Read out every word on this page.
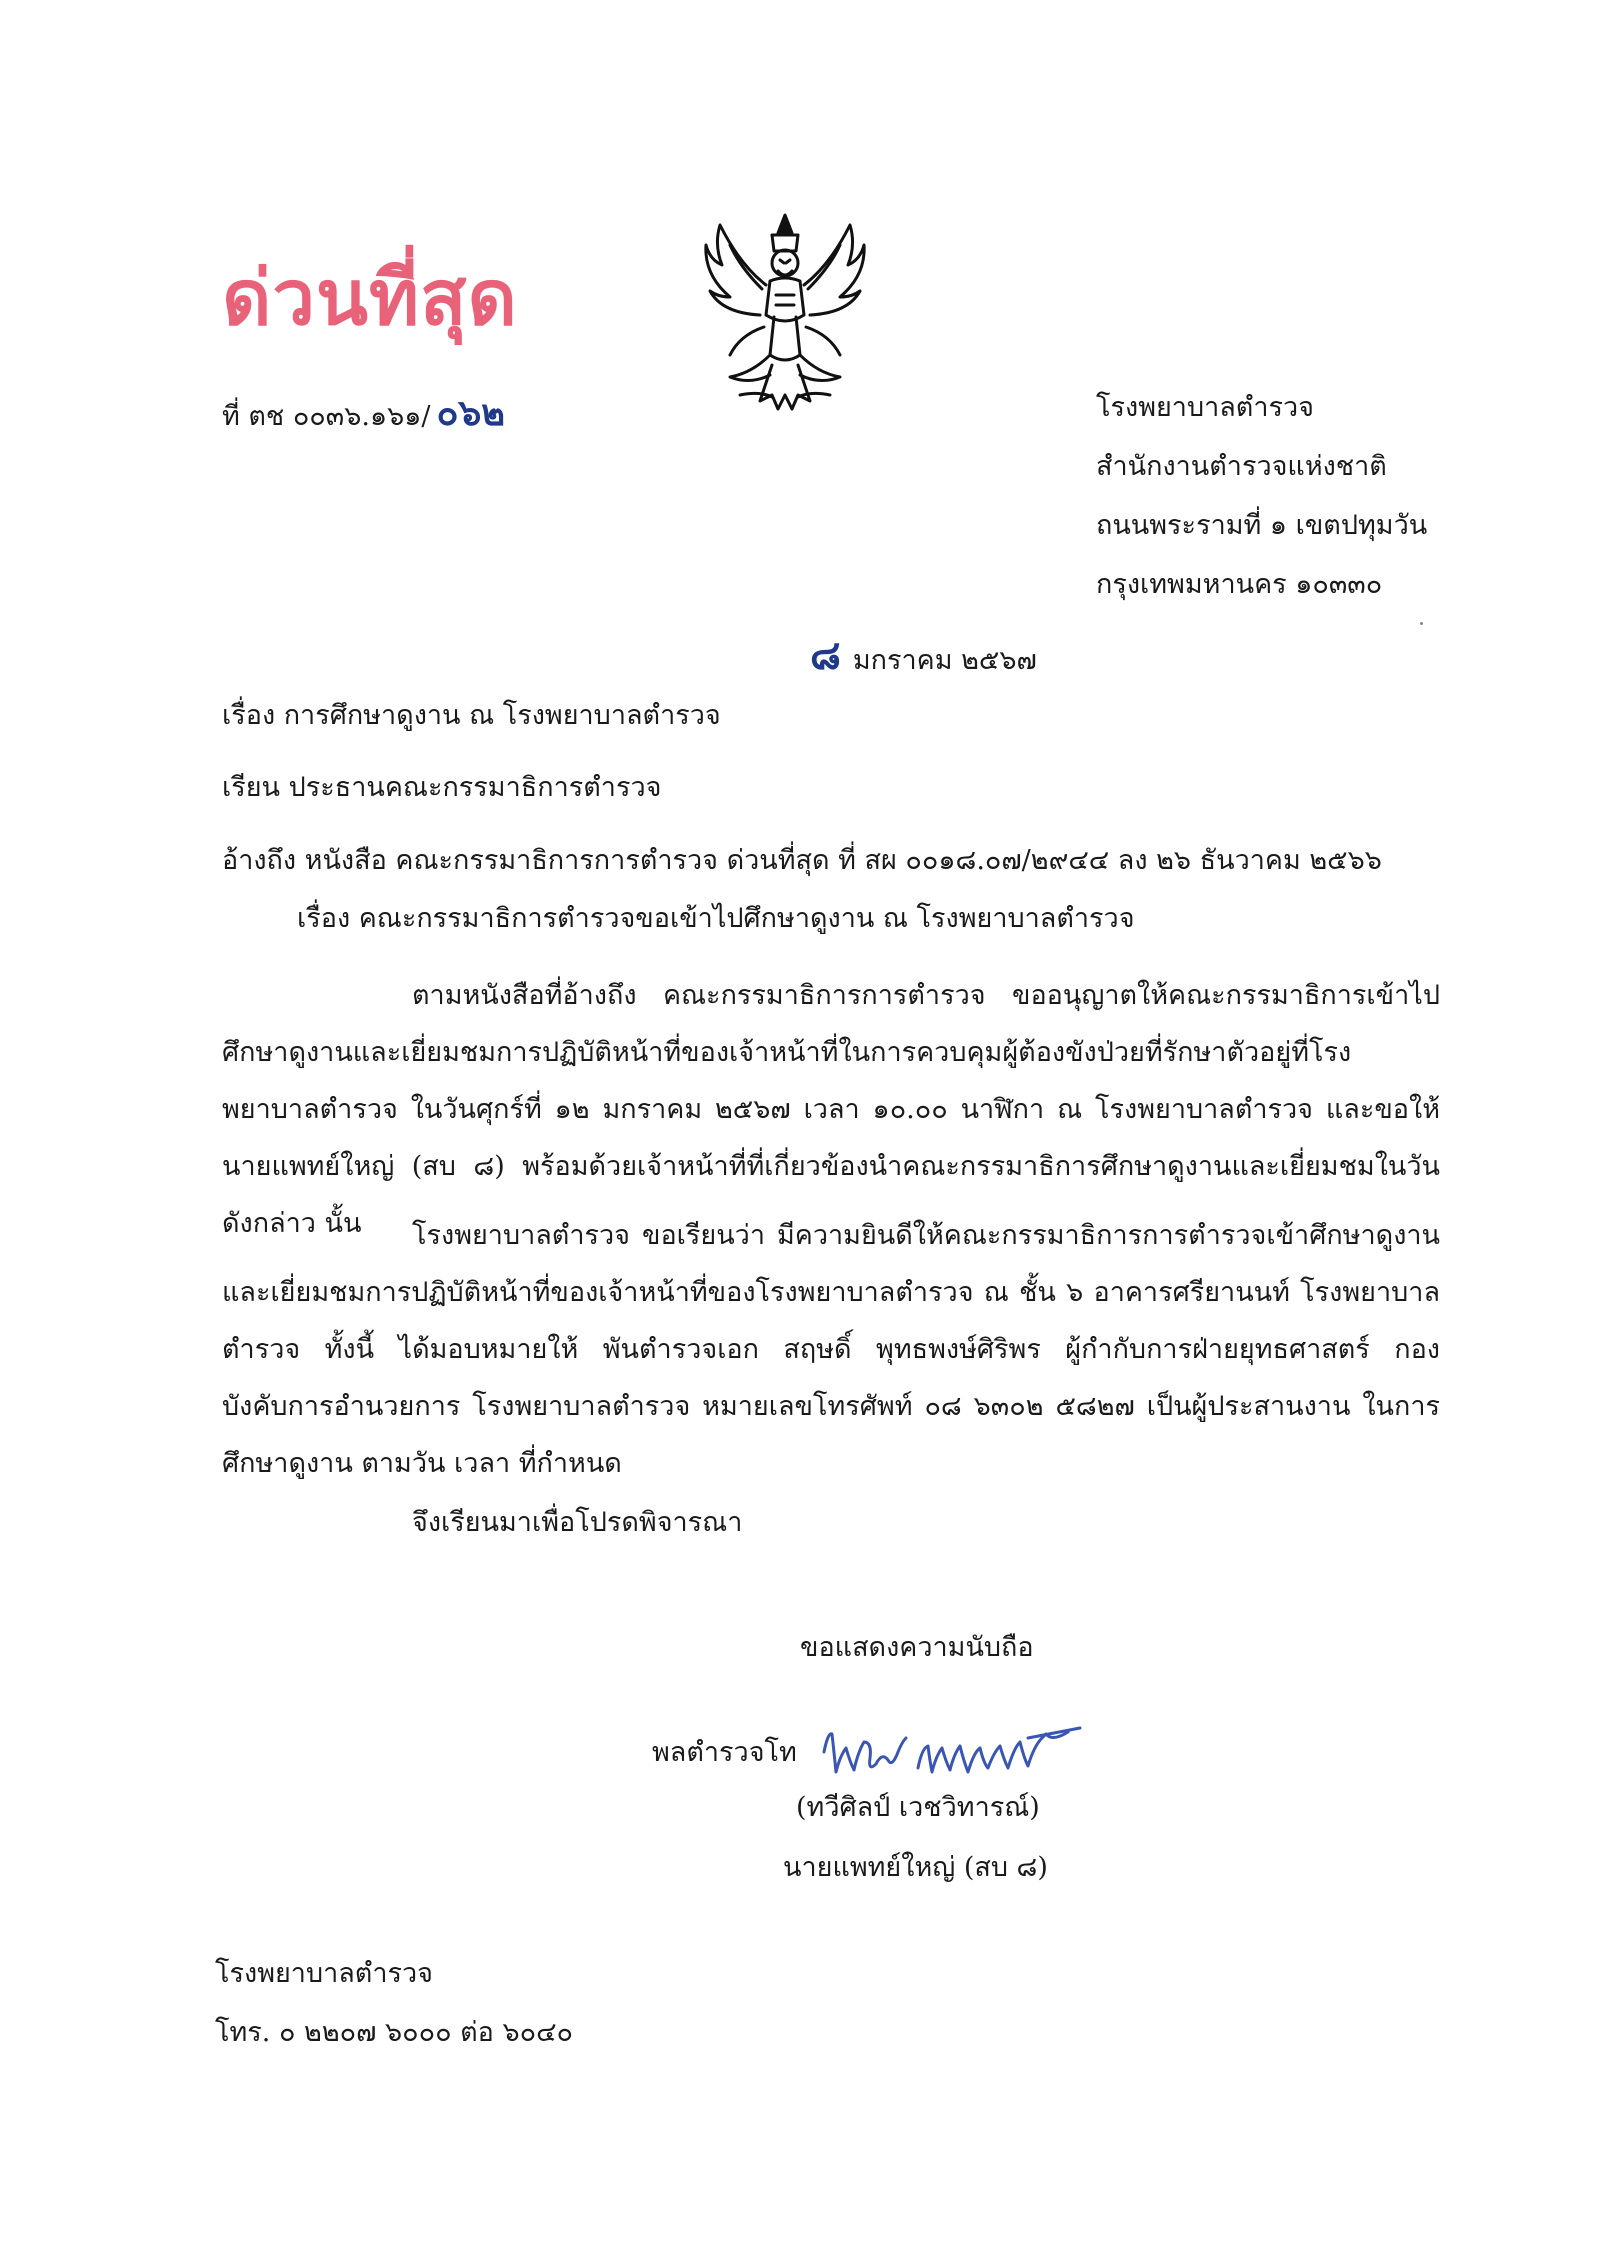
ด่วนที่สุด
ที่ ตช ๐๐๓๖.๑๖๑/ ๐๖๒	โรงพยาบาลตำรวจ
สำนักงานตำรวจแห่งชาติ
ถนนพระรามที่ ๑ เขตปทุมวัน
กรุงเทพมหานคร ๑๐๓๓๐
๘ มกราคม ๒๕๖๗
เรื่อง การศึกษาดูงาน ณ โรงพยาบาลตำรวจ
เรียน ประธานคณะกรรมาธิการตำรวจ
อ้างถึง หนังสือ คณะกรรมาธิการการตำรวจ ด่วนที่สุด ที่ สผ ๐๐๑๘.๐๗/๒๙๔๔ ลง ๒๖ ธันวาคม ๒๕๖๖
เรื่อง คณะกรรมาธิการตำรวจขอเข้าไปศึกษาดูงาน ณ โรงพยาบาลตำรวจ
ตามหนังสือที่อ้างถึง คณะกรรมาธิการการตำรวจ ขออนุญาตให้คณะกรรมาธิการเข้าไปศึกษาดูงานและเยี่ยมชมการปฏิบัติหน้าที่ของเจ้าหน้าที่ในการควบคุมผู้ต้องขังป่วยที่รักษาตัวอยู่ที่โรงพยาบาลตำรวจ ในวันศุกร์ที่ ๑๒ มกราคม ๒๕๖๗ เวลา ๑๐.๐๐ นาฬิกา ณ โรงพยาบาลตำรวจ และขอให้ นายแพทย์ใหญ่ (สบ ๘) พร้อมด้วยเจ้าหน้าที่ที่เกี่ยวข้องนำคณะกรรมาธิการศึกษาดูงานและเยี่ยมชมในวันดังกล่าว นั้น	โรงพยาบาลตำรวจ ขอเรียนว่า มีความยินดีให้คณะกรรมาธิการการตำรวจเข้าศึกษาดูงานและเยี่ยมชมการปฏิบัติหน้าที่ของเจ้าหน้าที่ของโรงพยาบาลตำรวจ ณ ชั้น ๖ อาคารศรียานนท์ โรงพยาบาลตำรวจ ทั้งนี้ ได้มอบหมายให้ พันตำรวจเอก สฤษดิ์ พุทธพงษ์ศิริพร ผู้กำกับการฝ่ายยุทธศาสตร์ กองบังคับการอำนวยการ โรงพยาบาลตำรวจ หมายเลขโทรศัพท์ ๐๘ ๖๓๐๒ ๕๘๒๗ เป็นผู้ประสานงาน ในการศึกษาดูงาน ตามวัน เวลา ที่กำหนด
จึงเรียนมาเพื่อโปรดพิจารณา
ขอแสดงความนับถือ
พลตำรวจโท
(ทวีศิลป์ เวชวิทารณ์)
นายแพทย์ใหญ่ (สบ ๘)
โรงพยาบาลตำรวจ
โทร. ๐ ๒๒๐๗ ๖๐๐๐ ต่อ ๖๐๔๐
